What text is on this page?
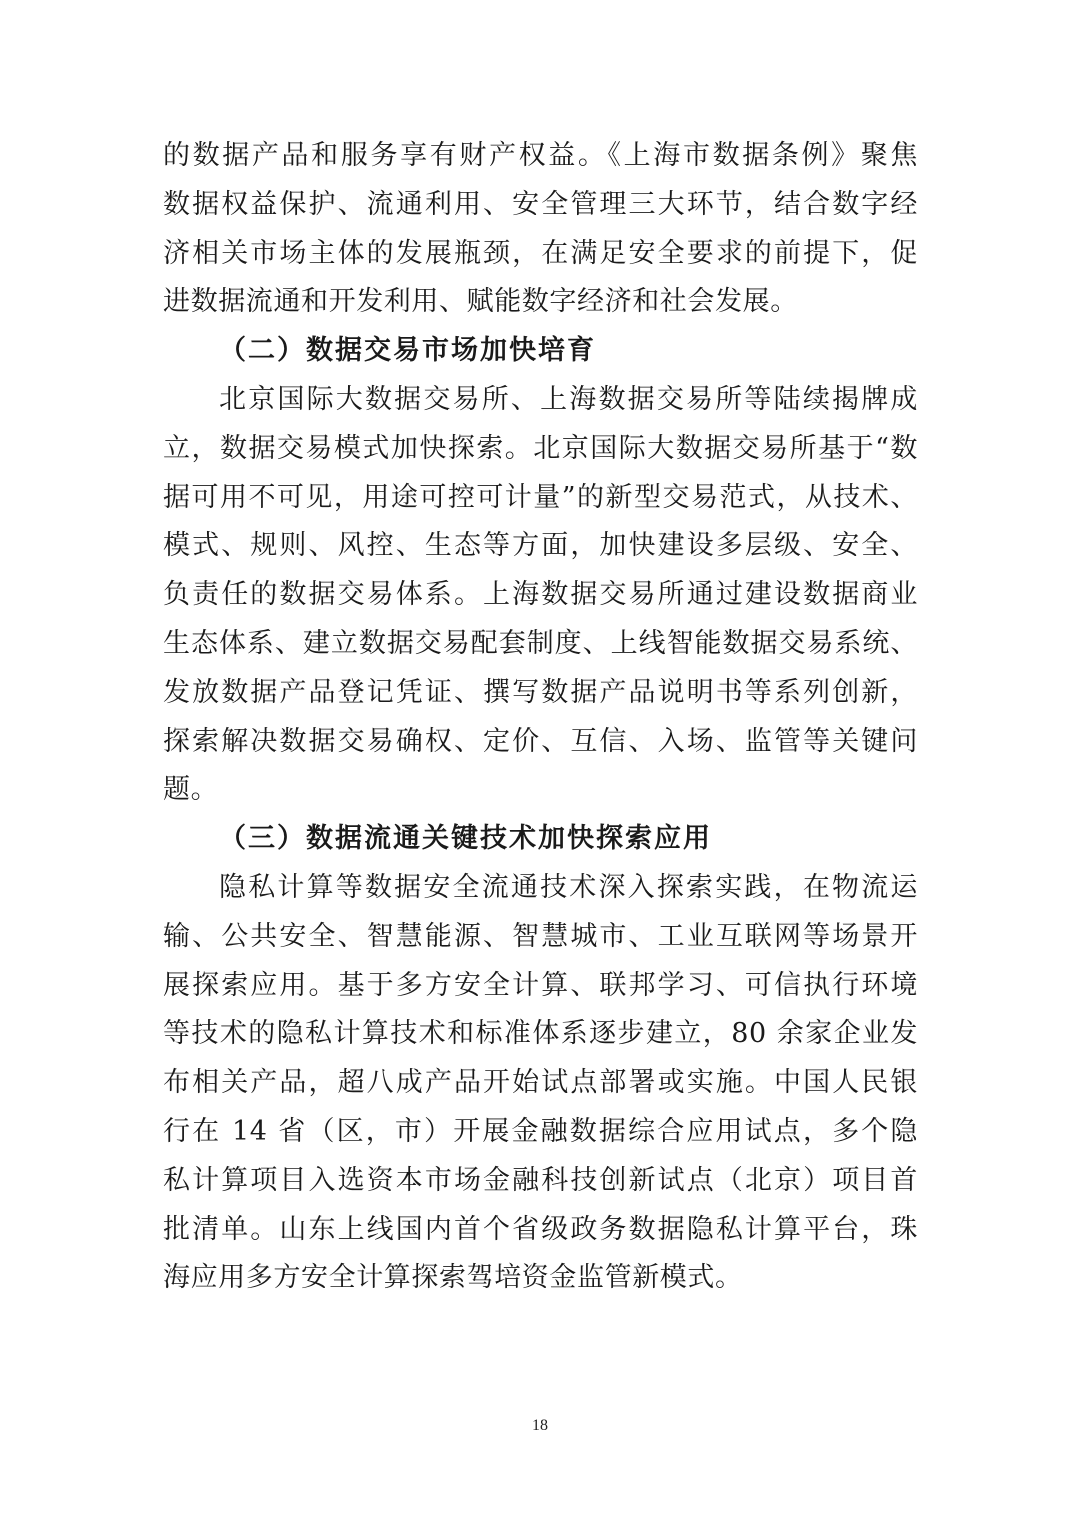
的数据产品和服务享有财产权益。《上海市数据条例》聚焦
数据权益保护、流通利用、安全管理三大环节，结合数字经
济相关市场主体的发展瓶颈，在满足安全要求的前提下，促
进数据流通和开发利用、赋能数字经济和社会发展。
（二）数据交易市场加快培育
北京国际大数据交易所、上海数据交易所等陆续揭牌成
立，数据交易模式加快探索。北京国际大数据交易所基于“数
据可用不可见，用途可控可计量”的新型交易范式，从技术、
模式、规则、风控、生态等方面，加快建设多层级、安全、
负责任的数据交易体系。上海数据交易所通过建设数据商业
生态体系、建立数据交易配套制度、上线智能数据交易系统、
发放数据产品登记凭证、撰写数据产品说明书等系列创新，
探索解决数据交易确权、定价、互信、入场、监管等关键问
题。
（三）数据流通关键技术加快探索应用
隐私计算等数据安全流通技术深入探索实践，在物流运
输、公共安全、智慧能源、智慧城市、工业互联网等场景开
展探索应用。基于多方安全计算、联邦学习、可信执行环境
等技术的隐私计算技术和标准体系逐步建立，80 余家企业发
布相关产品，超八成产品开始试点部署或实施。中国人民银
行在 14 省（区，市）开展金融数据综合应用试点，多个隐
私计算项目入选资本市场金融科技创新试点（北京）项目首
批清单。山东上线国内首个省级政务数据隐私计算平台，珠
海应用多方安全计算探索驾培资金监管新模式。
18
